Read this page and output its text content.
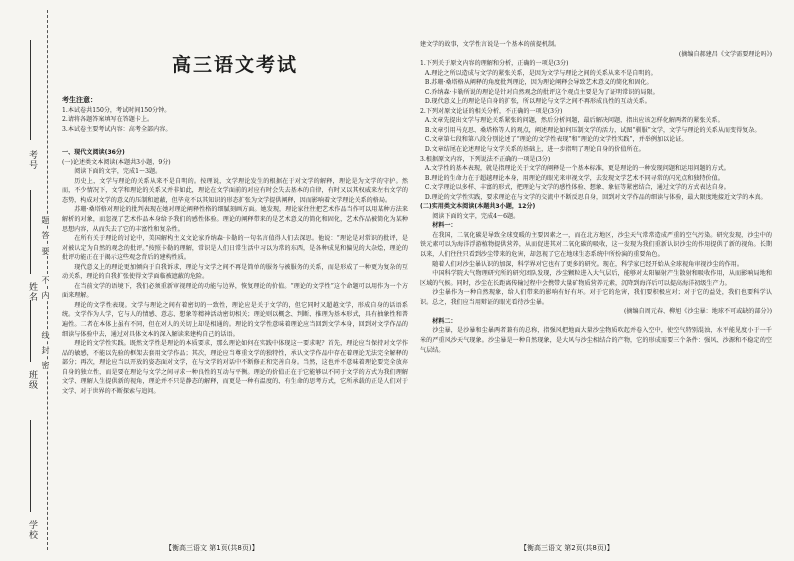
考号
姓名
班级
学校
密
封
线
内
不
要
答
题
高三语文考试

考生注意：

1.本试卷共150分，考试时间150分钟。

2.请将各题答案填写在答题卡上。

3.本试卷主要考试内容：高考全部内容。

一、现代文阅读(36分)

(一)论述类文本阅读(本题共3小题，9分)

阅读下面的文字，完成1～3题。

历史上，文学与理论的关系从来不是自明的。按理说，文学理论发生的根据在于对文学的解释，理论是为文学的守护。然而，不少情况下，文学和理论的关系又并非如此，理论在文学面前的对应有时会失去基本的自律，有时又以其权威来左右文学的态势，构成对文学的意义的压制和遮蔽，但毕竟不以其知识的形态扩张为文学提供阐释，因而影响着文学理论关系的格局。

苏珊·桑塔格对理论的批判表现在她对理论阐释性格的细腻刻画方面。她发现，理论家往往把艺术作品当作可以用某种方法来解析的对象，而忽视了艺术作品本身给予我们的感性体验。理论的阐释带来的是艺术意义的简化和固化，艺术作品被简化为某种思想内容，从而失去了它的丰富性和复杂性。

在所有关于理论的讨论中，美国解构主义文论家乔纳森·卡勒的一句名言值得人们去深思。他说：“理论是对常识的批评，是对被认定为自然的观念的批评。”按照卡勒的理解，常识是人们日常生活中习以为常的东西，是各种成见和偏见的大杂烩，理论的批评功能正在于揭示这些观念背后的建构性质。

现代意义上的理论更加倾向于自我诉求，理论与文学之间不再是简单的服务与被服务的关系，而是形成了一种更为复杂的互动关系，理论的自我扩张使得文学面临被遮蔽的危险。

在当前文学的语境下，我们必须重新审视理论的功能与边界，恢复理论的价值。“理论的文学性”这个命题可以用作为一个方面来理解。

理论的文学性表现。文学与理论之间有着密切的一致性，理论应是关于文学的，但它同时又超越文学，形成自身的话语系统。文学作为人学，它与人的情感、意志、想象等精神活动密切相关；理论则以概念、判断、推理为基本形式，具有抽象性和普遍性。二者在本体上虽有不同，但在对人的关切上却是相通的。理论的文学性意味着理论应当回到文学本身，回到对文学作品的细读与体验中去，通过对具体文本的深入解读来建构自己的话语。

理论的文学性实践。既然文学性是理论的本质要求，那么理论如何在实践中体现这一要求呢？首先，理论应当保持对文学作品的敏感，不能以先验的框架去套用文学作品；其次，理论应当尊重文学的独特性，承认文学作品中存在着理论无法完全解释的部分；再次，理论应当以开放的姿态面对文学，在与文学的对话中不断修正和完善自身。当然，这也并不意味着理论要完全放弃自身的独立性，而是要在理论与文学之间寻求一种良性的互动与平衡。理论的价值正在于它能够以不同于文学的方式为我们理解文学、理解人生提供新的视角，理论并不只是静态的解释，而更是一种有温度的、有生命的思考方式，它所承载的正是人们对于文学、对于世界的不断探索与追问。

建文学的故事，文学性言说是一个基本的前提机制。

(摘编自郝建昌《文学需要理论吗》)

1.下列关于原文内容的理解和分析，正确的一项是(3分)

A.理论之所以造成与文学的紧张关系，是因为文学与理论之间的关系从来不是自明的。

B.苏珊·桑塔格从阐释的角度批判理论，因为理论阐释会导致艺术意义的简化和固化。

C.乔纳森·卡勒所说的理论是针对自然观念的批评这个观点主要是为了证明常识的局限。

D.现代意义上的理论是自身的扩张，所以理论与文学之间不再形成良性的互动关系。

2.下列对原文论证的相关分析，不正确的一项是(3分)

A.文章先提出文学与理论关系紧张的问题，然后分析问题，最后解决问题，指出应该怎样化解两者的紧张关系。

B.文章引用马克思、桑塔格等人的观点，阐述理论如何压制文学的活力，试图“驯服”文学，文学与理论的关系从而变得复杂。

C.文章第七段和第八段分别论述了“理论的文学性表现”和“理论的文学性实践”，并举例加以论证。

D.文章结尾在论述理论与文学关系的基础上，进一步指明了理论自身的价值所在。

3.根据原文内容，下列说法不正确的一项是(3分)

A.文学性的基本表现，就是指理论关于文学的阐释是一个基本标准，更是理论的一种发现问题和运用问题的方式。

B.理论的生命力在于超越理论本身，用理论的眼光来审视文学，去发现文学艺术不同寻常的闪光点和独特价值。

C.文学理论以多样、丰富的形式，把理论与文学的感性体验、想象、象征等紧密结合，通过文学的方式表达自身。

D.理论的文学性实践，要求理论在与文学的交流中不断反思自身，回到对文学作品的细读与体验，最大限度地接近文学的本真。

(二)实用类文本阅读(本题共3小题，12分)

阅读下面的文字，完成4～6题。

材料一：

在我国，二氧化碳是导致全球变暖的主要因素之一，而在北方地区，沙尘天气常常造成严重的空气污染。研究发现，沙尘中的铁元素可以为海洋浮游植物提供营养，从而促进其对二氧化碳的吸收，这一发现为我们重新认识沙尘的作用提供了新的视角。长期以来，人们往往只看到沙尘带来的危害，却忽视了它在地球生态系统中所扮演的重要角色。

随着人们对沙尘暴认识的加深，科学界对它也有了更多的研究。现在，科学家已经开始从全球视角审视沙尘的作用。

中国科学院大气物理研究所的研究团队发现，沙尘颗粒进入大气层后，能够对太阳辐射产生散射和吸收作用，从而影响局地和区域的气候。同时，沙尘在长距离传输过程中会携带大量矿物质营养元素，沉降到海洋后可以提高海洋初级生产力。

沙尘暴作为一种自然现象，给人们带来的影响有好有坏。对于它的危害，我们要积极应对；对于它的益处，我们也要科学认识。总之，我们应当用辩证的眼光看待沙尘暴。

(摘编自周元春、柳旭《沙尘暴：地球不可或缺的部分》)

材料二：

沙尘暴，是沙暴和尘暴两者兼有的总称，指强风把地面大量沙尘物质吹起并卷入空中，使空气特别混浊，水平能见度小于一千米的严重风沙天气现象。沙尘暴是一种自然现象，是大风与沙尘相结合的产物，它的形成需要三个条件：强风、沙源和不稳定的空气层结。

【衡高三语文 第1页(共8页)】	【衡高三语文 第2页(共8页)】
